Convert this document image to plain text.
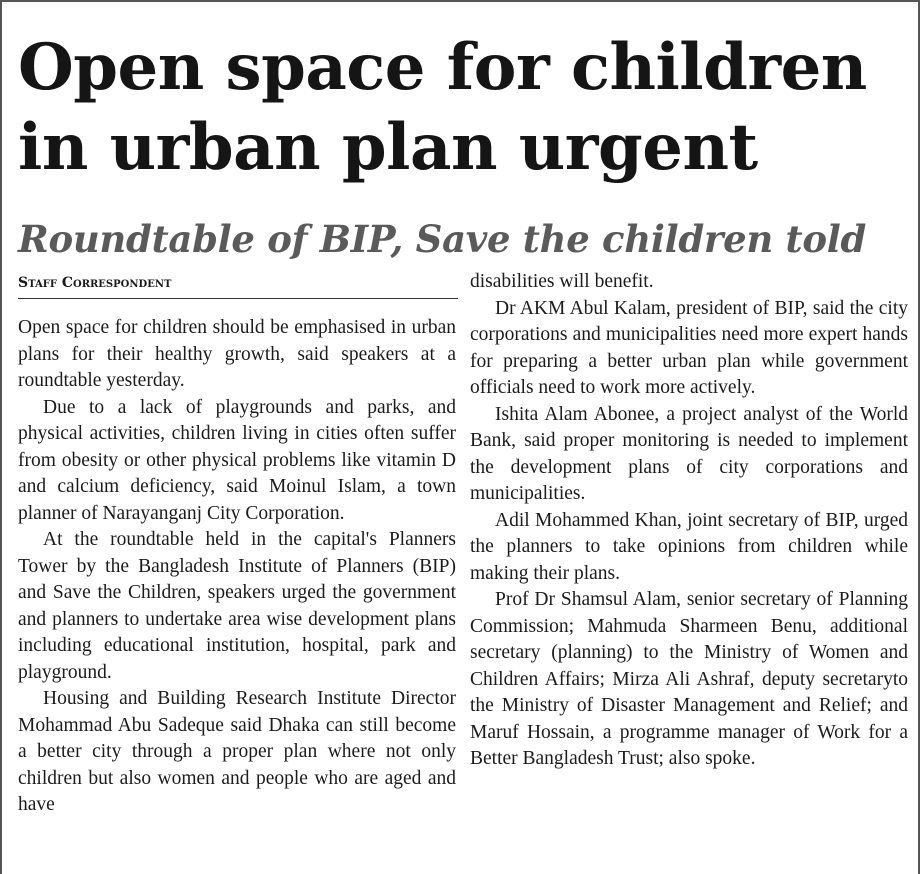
Open space for children in urban plan urgent
Roundtable of BIP, Save the children told
Staff Correspondent

Open space for children should be emphasised in urban plans for their healthy growth, said speakers at a roundtable yesterday.

Due to a lack of playgrounds and parks, and physical activities, children living in cities often suffer from obesity or other physical problems like vitamin D and calcium deficiency, said Moinul Islam, a town planner of Narayanganj City Corporation.

At the roundtable held in the capital's Planners Tower by the Bangladesh Institute of Planners (BIP) and Save the Children, speakers urged the government and planners to undertake area wise development plans including educational institution, hospital, park and playground.

Housing and Building Research Institute Director Mohammad Abu Sadeque said Dhaka can still become a better city through a proper plan where not only children but also women and people who are aged and have

disabilities will benefit.

Dr AKM Abul Kalam, president of BIP, said the city corporations and municipalities need more expert hands for preparing a better urban plan while government officials need to work more actively.

Ishita Alam Abonee, a project analyst of the World Bank, said proper monitoring is needed to implement the development plans of city corporations and municipalities.

Adil Mohammed Khan, joint secretary of BIP, urged the planners to take opinions from children while making their plans.

Prof Dr Shamsul Alam, senior secretary of Planning Commission; Mahmuda Sharmeen Benu, additional secretary (planning) to the Ministry of Women and Children Affairs; Mirza Ali Ashraf, deputy secretaryto the Ministry of Disaster Management and Relief; and Maruf Hossain, a programme manager of Work for a Better Bangladesh Trust; also spoke.
